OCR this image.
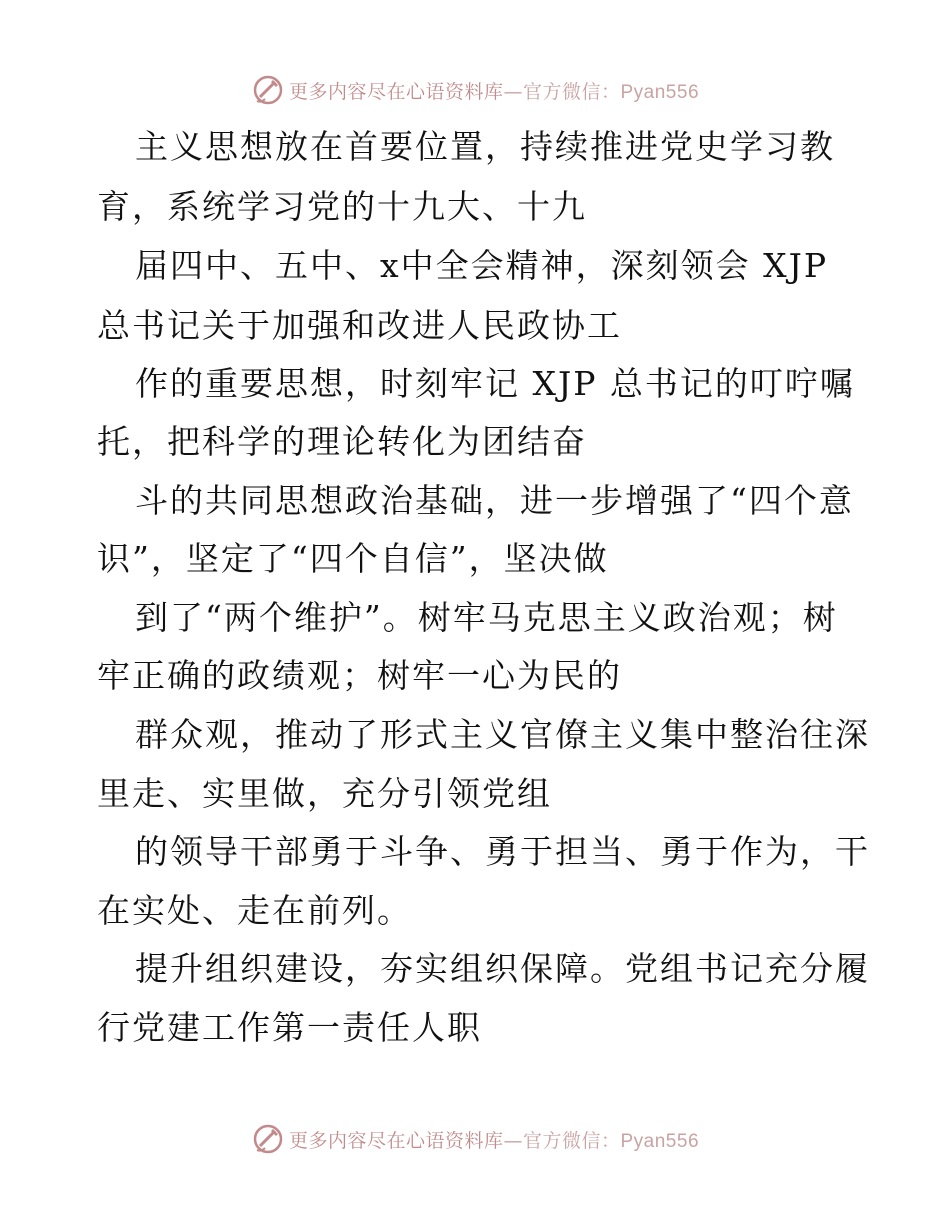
更多内容尽在心语资料库—官方微信：Pyan556
主义思想放在首要位置，持续推进党史学习教
育，系统学习党的十九大、十九
届四中、五中、x中全会精神，深刻领会 XJP
总书记关于加强和改进人民政协工
作的重要思想，时刻牢记 XJP 总书记的叮咛嘱
托，把科学的理论转化为团结奋
斗的共同思想政治基础，进一步增强了“四个意
识”，坚定了“四个自信”，坚决做
到了“两个维护”。树牢马克思主义政治观；树
牢正确的政绩观；树牢一心为民的
群众观，推动了形式主义官僚主义集中整治往深
里走、实里做，充分引领党组
的领导干部勇于斗争、勇于担当、勇于作为，干
在实处、走在前列。
提升组织建设，夯实组织保障。党组书记充分履
行党建工作第一责任人职
更多内容尽在心语资料库—官方微信：Pyan556
